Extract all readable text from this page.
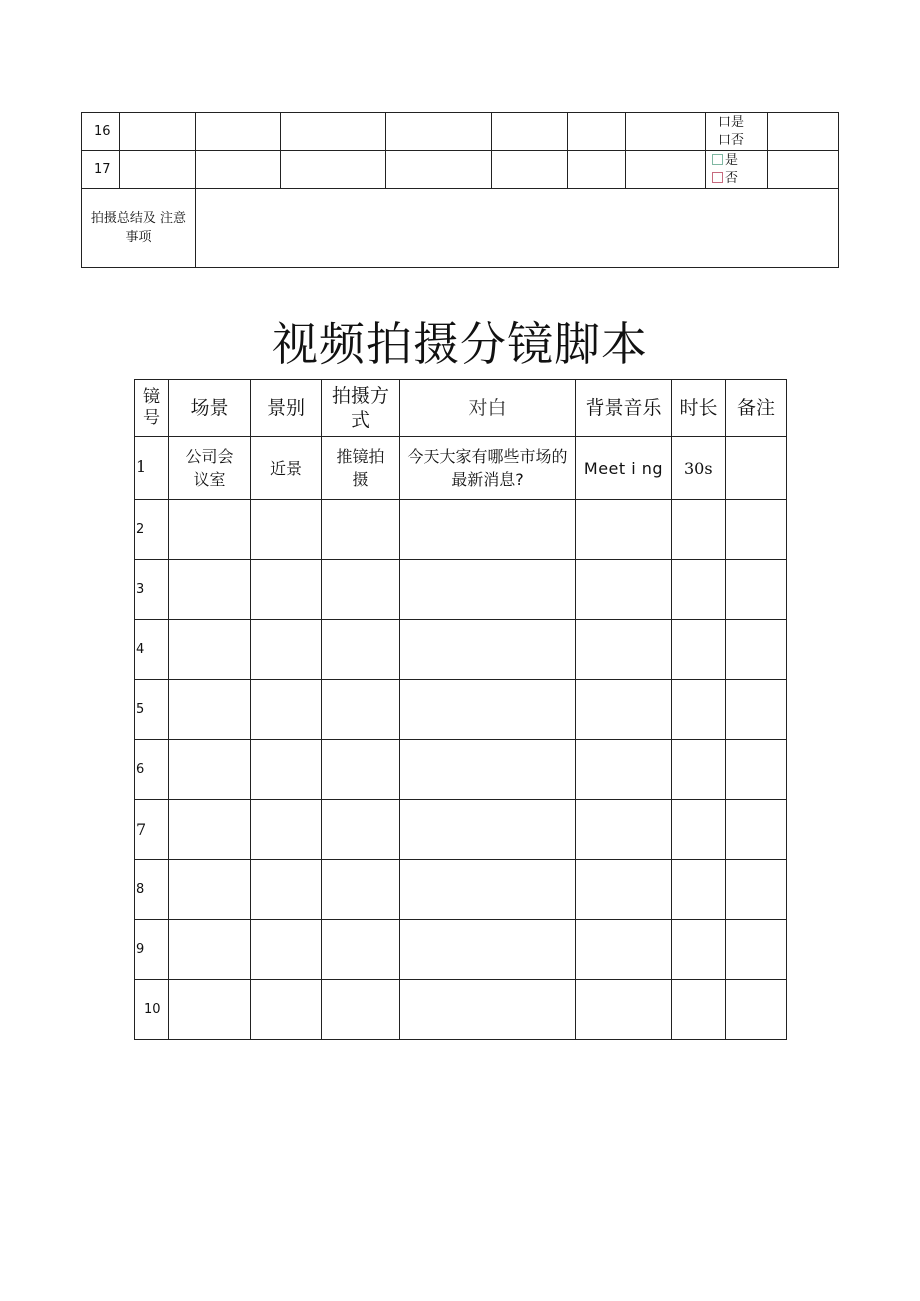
16								口是
口否	

17								是
否	

拍摄总结及 注意事项									

视频拍摄分镜脚本
镜号	场景	景别	拍摄方式	对白	背景音乐	时长	备注
1	公司会议室	近景	推镜拍摄	今天大家有哪些市场的最新消息?	Meet i ng	30s	
2							
3							
4							
5							
6							
7							
8							
9							
10							
